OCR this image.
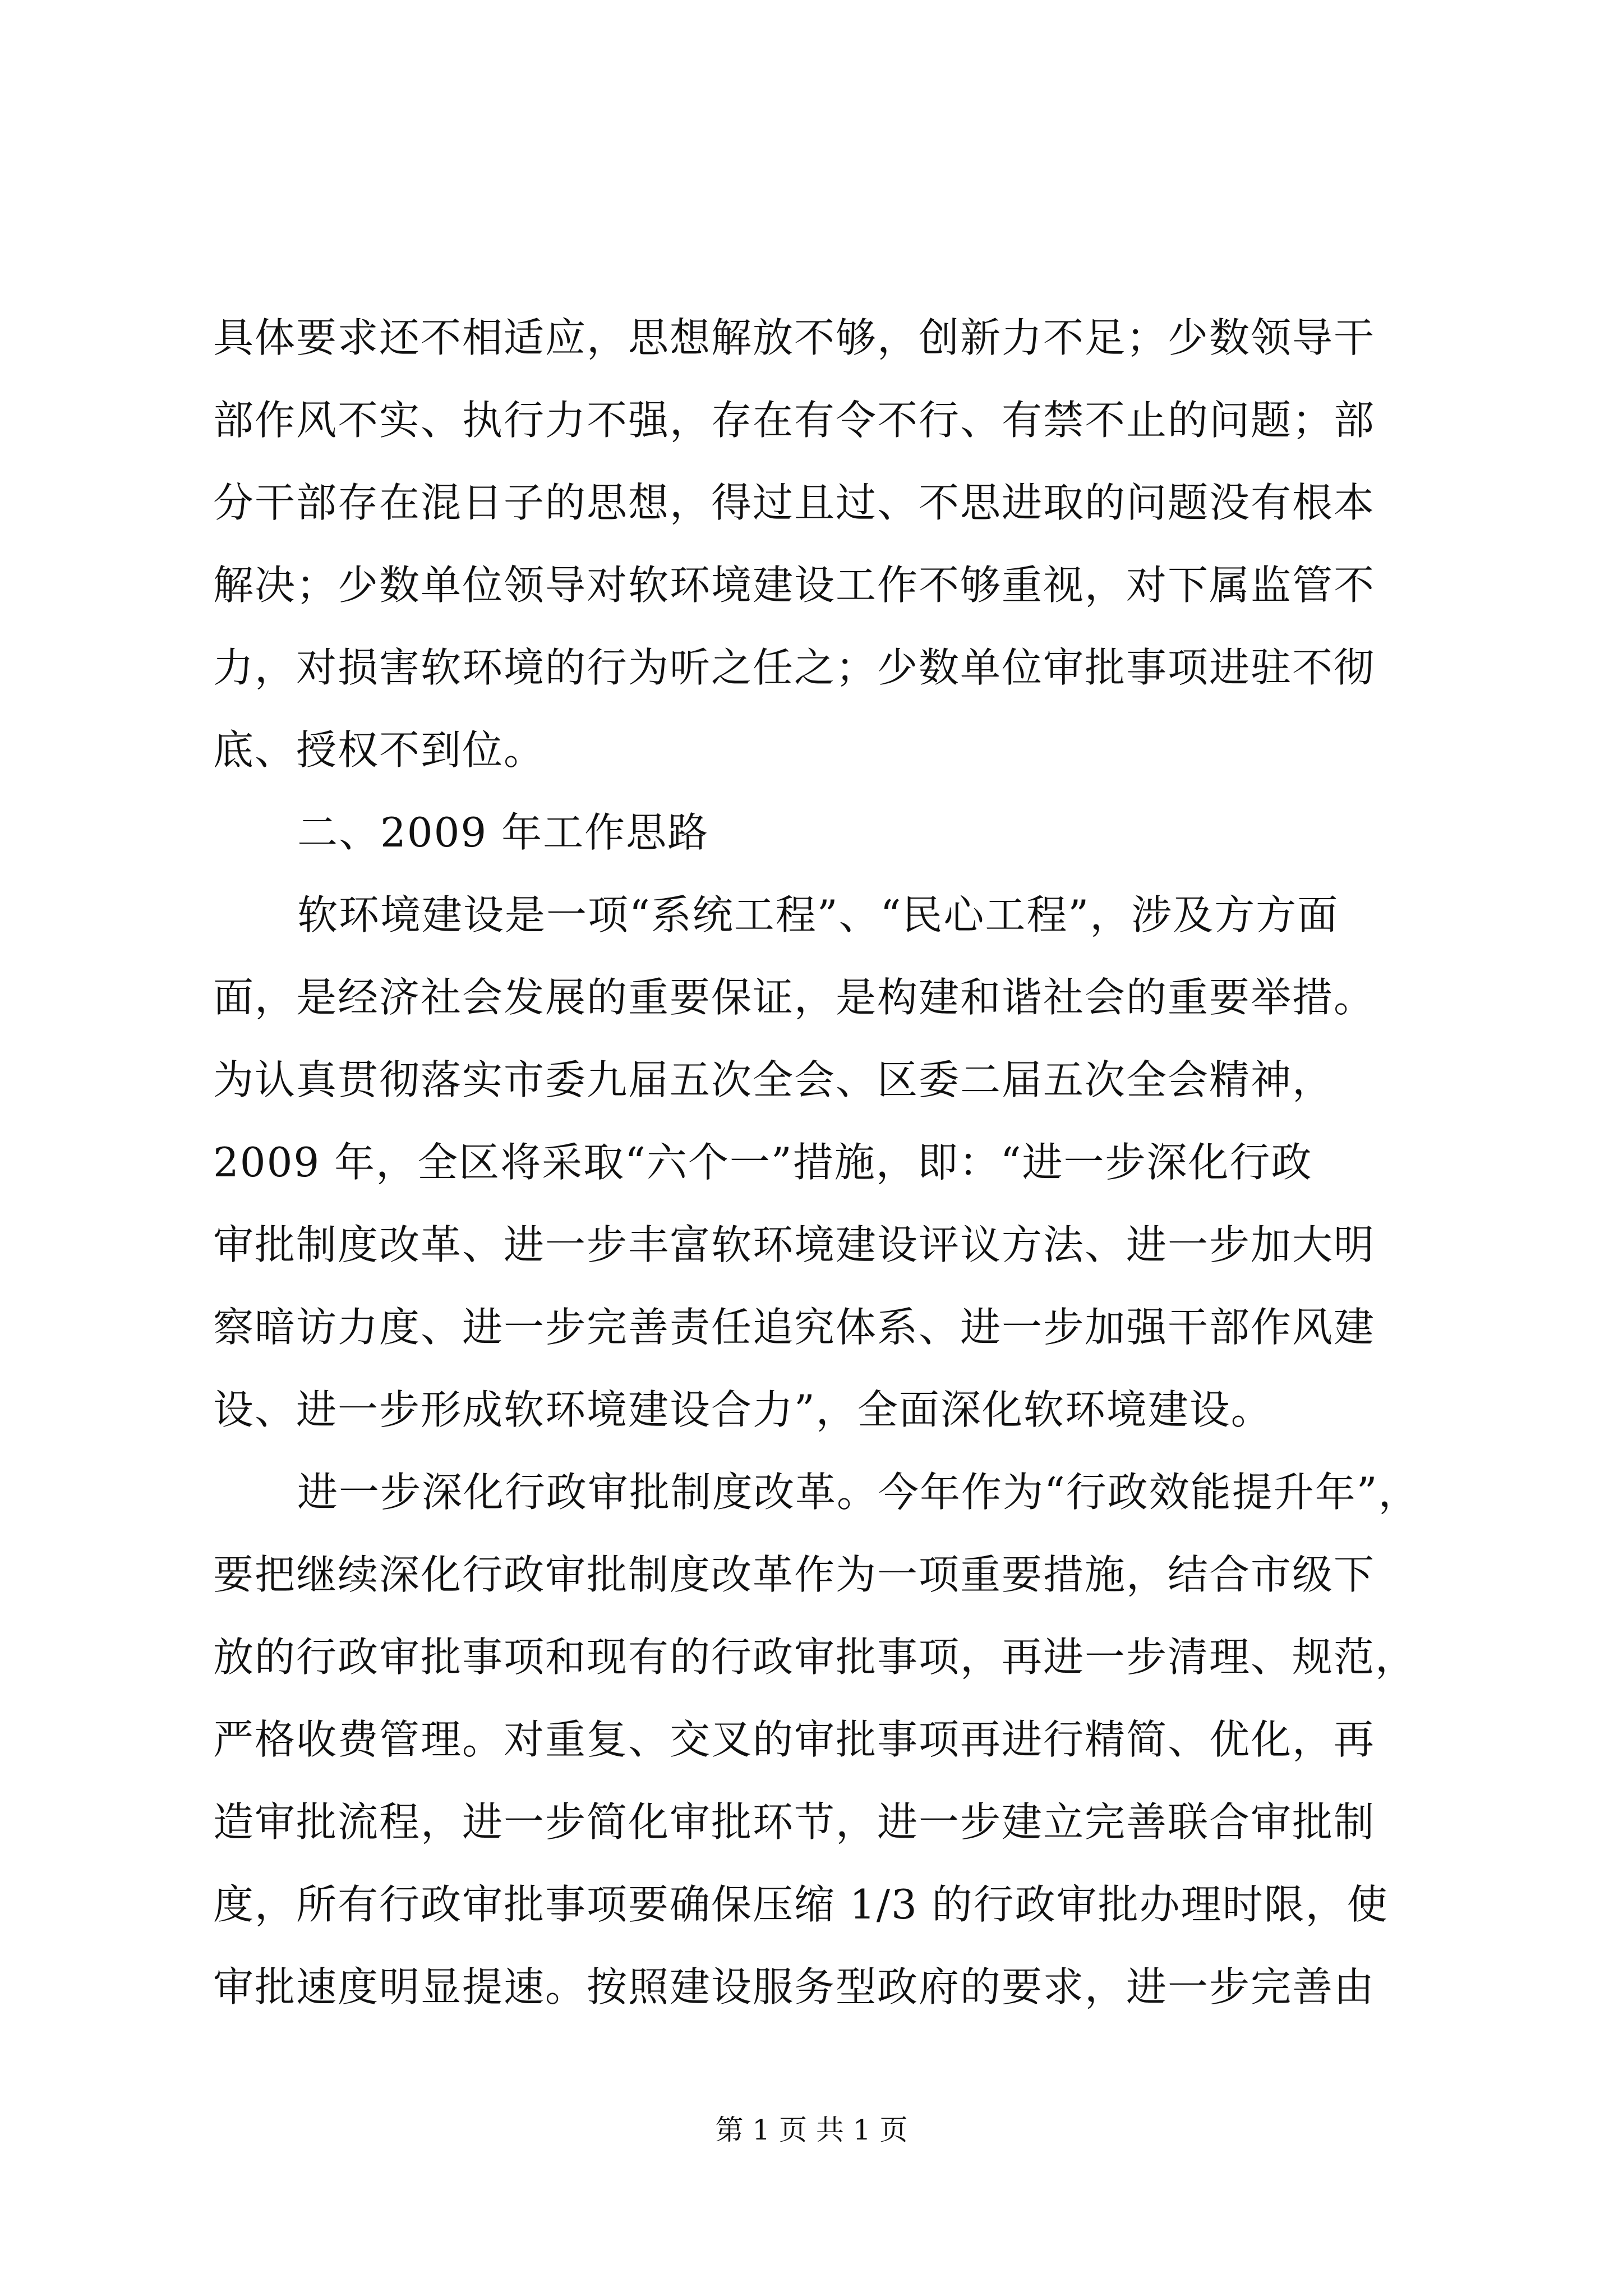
具体要求还不相适应，思想解放不够，创新力不足；少数领导干
部作风不实、执行力不强，存在有令不行、有禁不止的问题；部
分干部存在混日子的思想，得过且过、不思进取的问题没有根本
解决；少数单位领导对软环境建设工作不够重视，对下属监管不
力，对损害软环境的行为听之任之；少数单位审批事项进驻不彻
底、授权不到位。
二、2009 年工作思路
软环境建设是一项“系统工程”、“民心工程”，涉及方方面
面，是经济社会发展的重要保证，是构建和谐社会的重要举措。
为认真贯彻落实市委九届五次全会、区委二届五次全会精神，
2009 年，全区将采取“六个一”措施，即：“进一步深化行政
审批制度改革、进一步丰富软环境建设评议方法、进一步加大明
察暗访力度、进一步完善责任追究体系、进一步加强干部作风建
设、进一步形成软环境建设合力”，全面深化软环境建设。
进一步深化行政审批制度改革。今年作为“行政效能提升年”，
要把继续深化行政审批制度改革作为一项重要措施，结合市级下
放的行政审批事项和现有的行政审批事项，再进一步清理、规范，
严格收费管理。对重复、交叉的审批事项再进行精简、优化，再
造审批流程，进一步简化审批环节，进一步建立完善联合审批制
度，所有行政审批事项要确保压缩 1/3 的行政审批办理时限，使
审批速度明显提速。按照建设服务型政府的要求，进一步完善由
第 1 页 共 1 页
